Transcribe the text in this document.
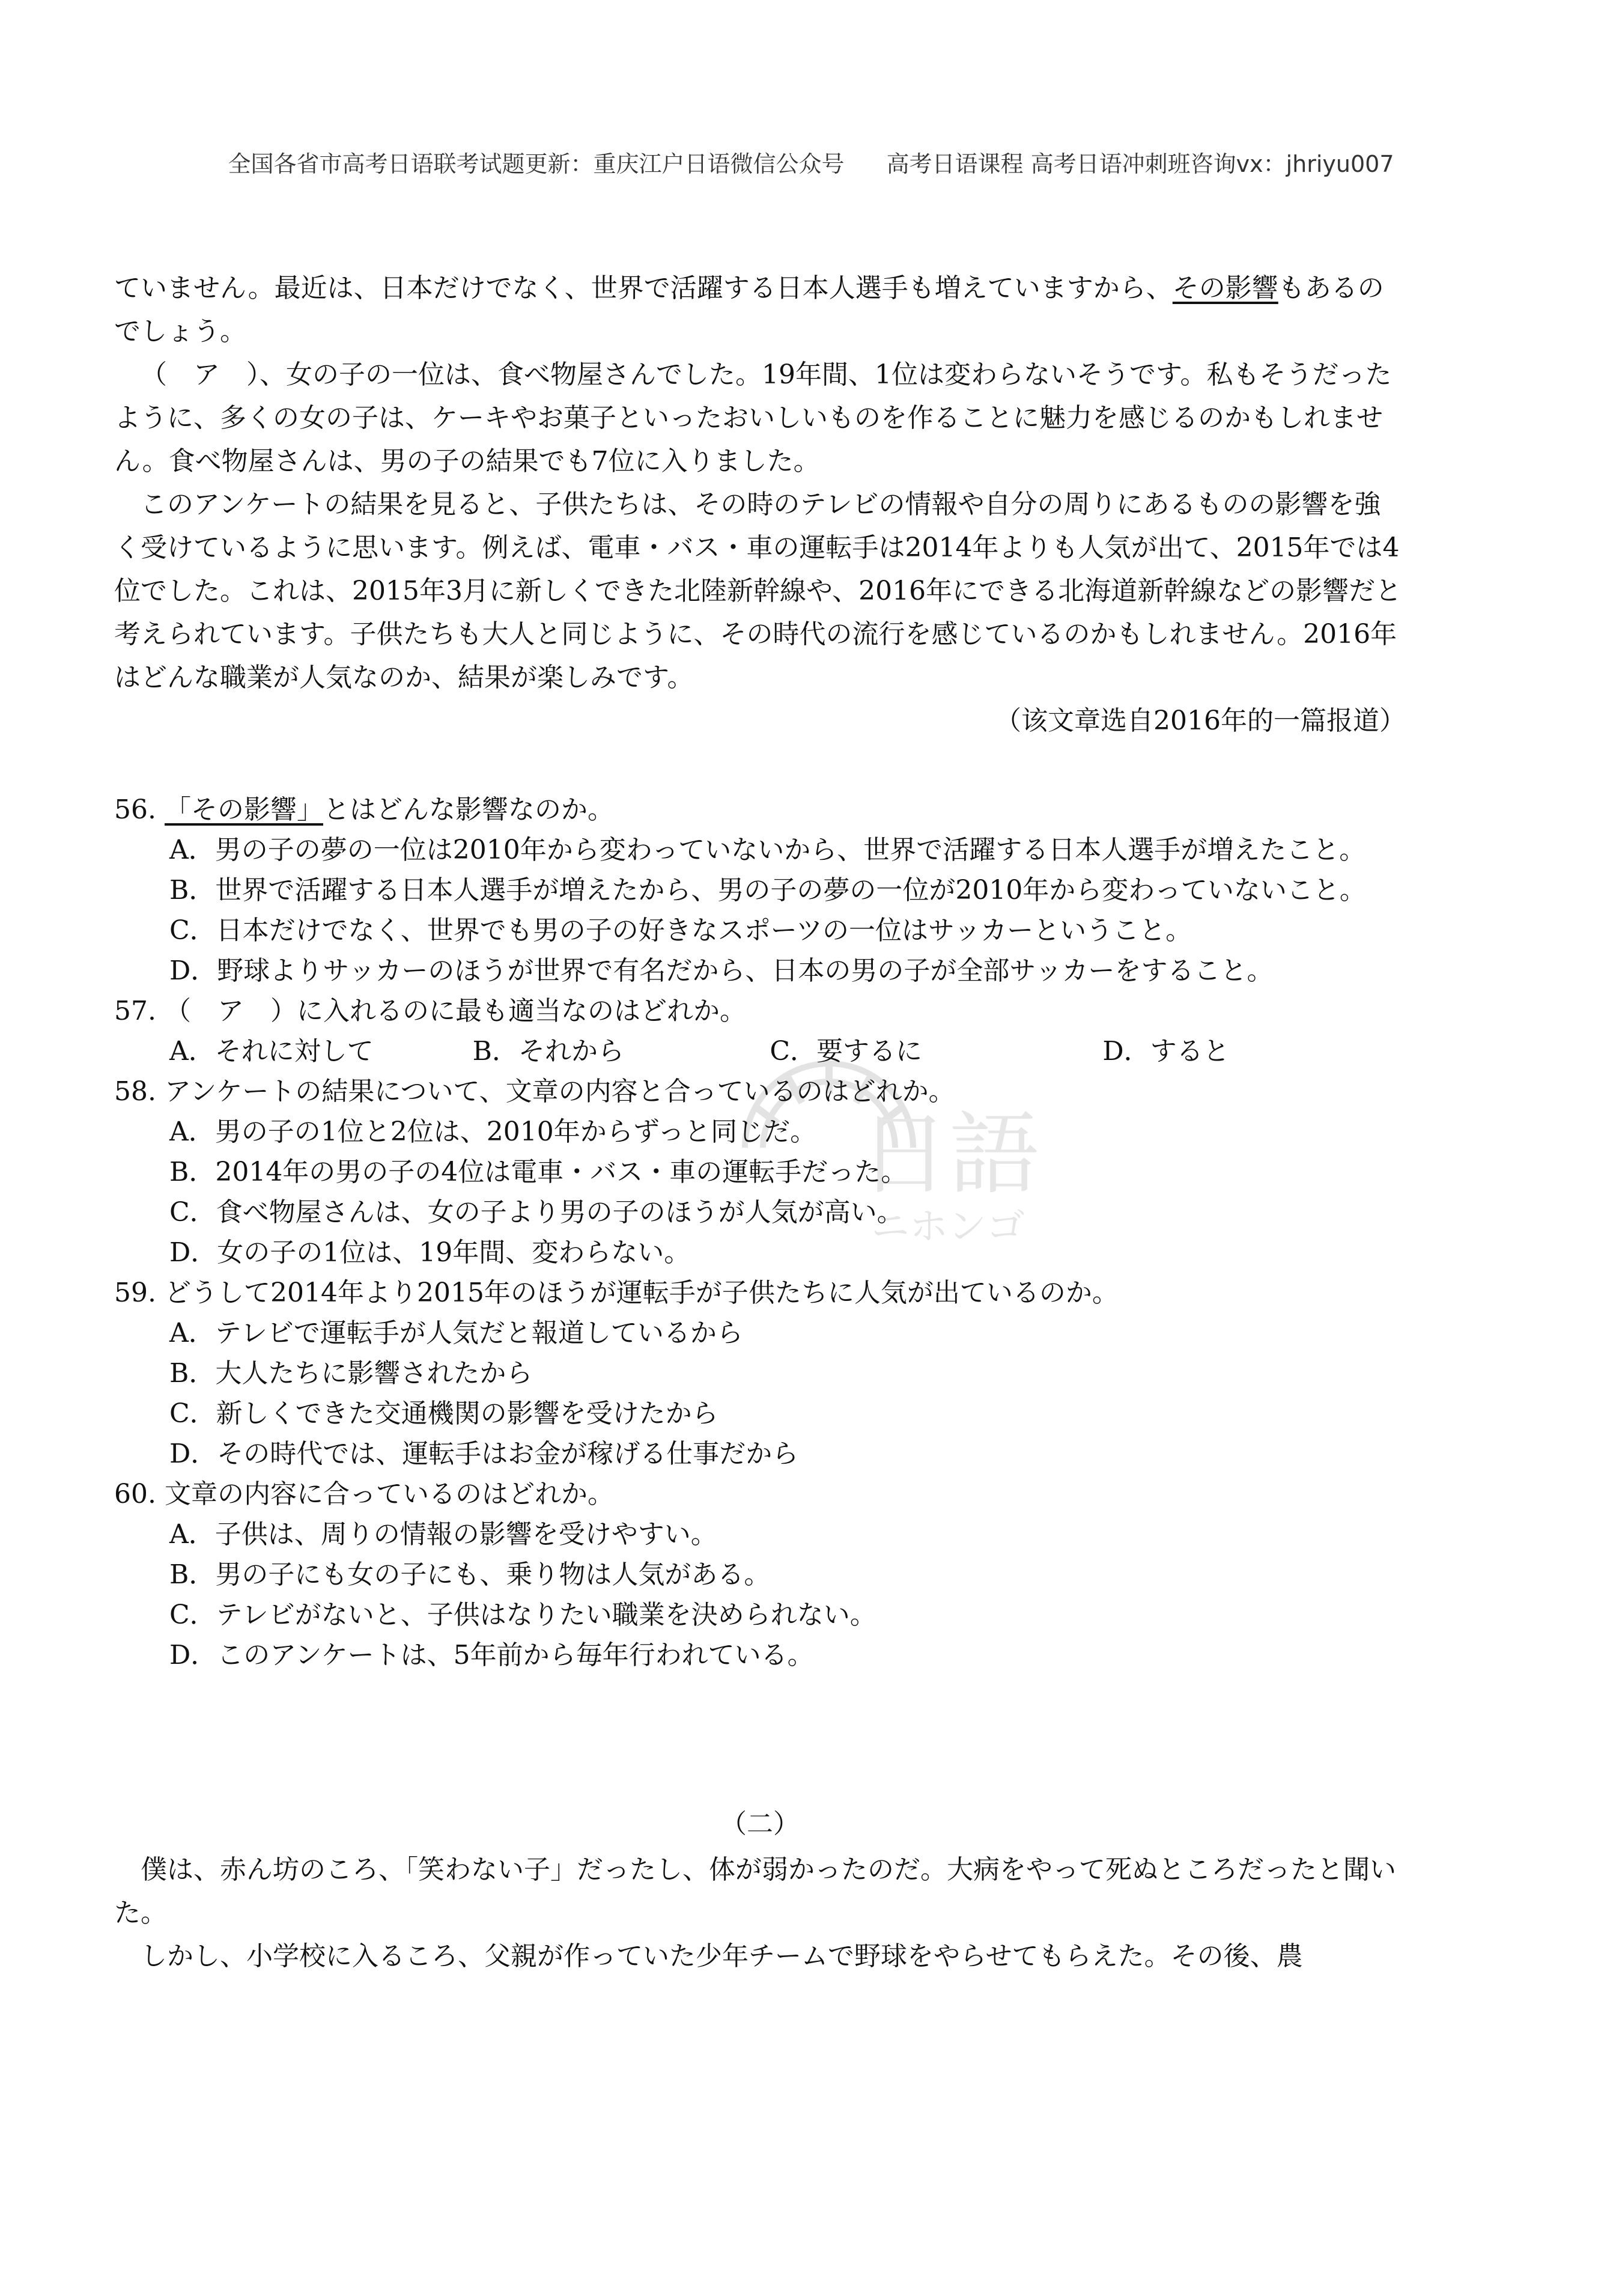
全国各省市高考日语联考试题更新：重庆江户日语微信公众号 高考日语课程 高考日语冲刺班咨询vx：jhriyu007

ていません。最近は、日本だけでなく、世界で活躍する日本人選手も増えていますから、その影響もあるのでしょう。

（　ア　）、女の子の一位は、食べ物屋さんでした。19年間、1位は変わらないそうです。私もそうだったように、多くの女の子は、ケーキやお菓子といったおいしいものを作ることに魅力を感じるのかもしれません。食べ物屋さんは、男の子の結果でも7位に入りました。

このアンケートの結果を見ると、子供たちは、その時のテレビの情報や自分の周りにあるものの影響を強く受けているように思います。例えば、電車・バス・車の運転手は2014年よりも人気が出て、2015年では4位でした。これは、2015年3月に新しくできた北陸新幹線や、2016年にできる北海道新幹線などの影響だと考えられています。子供たちも大人と同じように、その時代の流行を感じているのかもしれません。2016年はどんな職業が人気なのか、結果が楽しみです。

（该文章选自2016年的一篇报道）

日語
ニホンゴ

56. 「その影響」とはどんな影響なのか。

A．男の子の夢の一位は2010年から変わっていないから、世界で活躍する日本人選手が増えたこと。

B．世界で活躍する日本人選手が増えたから、男の子の夢の一位が2010年から変わっていないこと。

C．日本だけでなく、世界でも男の子の好きなスポーツの一位はサッカーということ。

D．野球よりサッカーのほうが世界で有名だから、日本の男の子が全部サッカーをすること。

57. （　ア　）に入れるのに最も適当なのはどれか。

A．それに対して	B．それから	C．要するに	D．すると

58. アンケートの結果について、文章の内容と合っているのはどれか。

A．男の子の1位と2位は、2010年からずっと同じだ。

B．2014年の男の子の4位は電車・バス・車の運転手だった。

C．食べ物屋さんは、女の子より男の子のほうが人気が高い。

D．女の子の1位は、19年間、変わらない。

59. どうして2014年より2015年のほうが運転手が子供たちに人気が出ているのか。

A．テレビで運転手が人気だと報道しているから

B．大人たちに影響されたから

C．新しくできた交通機関の影響を受けたから

D．その時代では、運転手はお金が稼げる仕事だから

60. 文章の内容に合っているのはどれか。

A．子供は、周りの情報の影響を受けやすい。

B．男の子にも女の子にも、乗り物は人気がある。

C．テレビがないと、子供はなりたい職業を決められない。

D．このアンケートは、5年前から毎年行われている。

（二）

僕は、赤ん坊のころ、「笑わない子」だったし、体が弱かったのだ。大病をやって死ぬところだったと聞いた。

しかし、小学校に入るころ、父親が作っていた少年チームで野球をやらせてもらえた。その後、農
